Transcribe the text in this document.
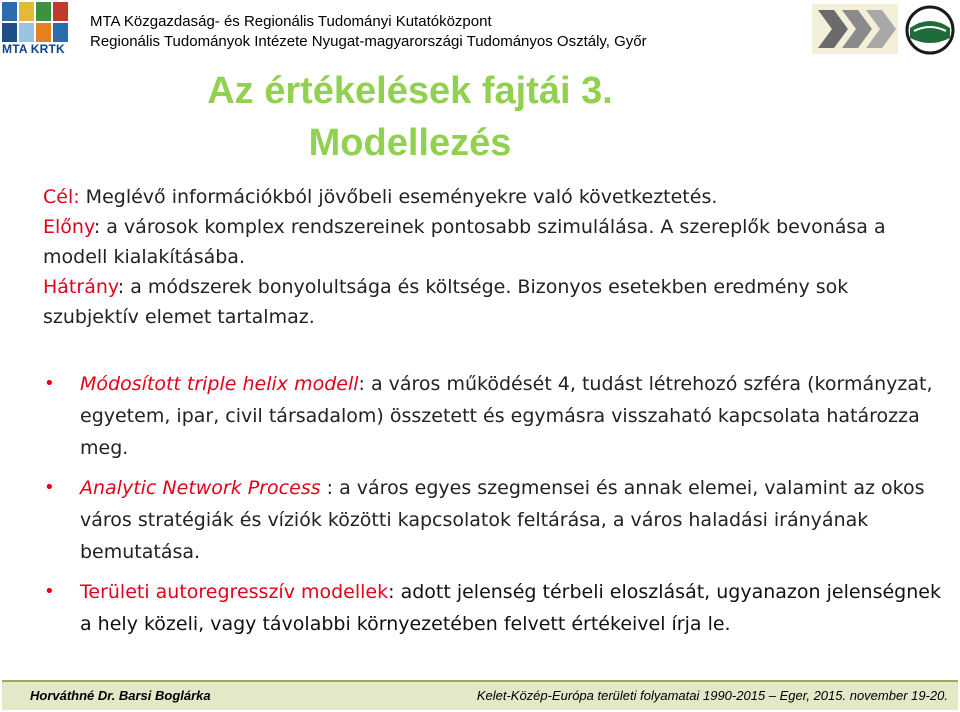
MTA KRTK
MTA Közgazdaság- és Regionális Tudományi Kutatóközpont
Regionális Tudományok Intézete Nyugat-magyarországi Tudományos Osztály, Győr
Az értékelések fajtái 3.
Modellezés
Cél: Meglévő információkból jövőbeli eseményekre való következtetés.
Előny: a városok komplex rendszereinek pontosabb szimulálása. A szereplők bevonása a modell kialakításába.
Hátrány: a módszerek bonyolultsága és költsége. Bizonyos esetekben eredmény sok szubjektív elemet tartalmaz.
• Módosított triple helix modell: a város működését 4, tudást létrehozó szféra (kormányzat, egyetem, ipar, civil társadalom) összetett és egymásra visszaható kapcsolata határozza meg.
• Analytic Network Process : a város egyes szegmensei és annak elemei, valamint az okos város stratégiák és víziók közötti kapcsolatok feltárása, a város haladási irányának bemutatása.
• Területi autoregresszív modellek: adott jelenség térbeli eloszlását, ugyanazon jelenségnek a hely közeli, vagy távolabbi környezetében felvett értékeivel írja le.
Horváthné Dr. Barsi Boglárka	Kelet-Közép-Európa területi folyamatai 1990-2015 – Eger, 2015. november 19-20.
